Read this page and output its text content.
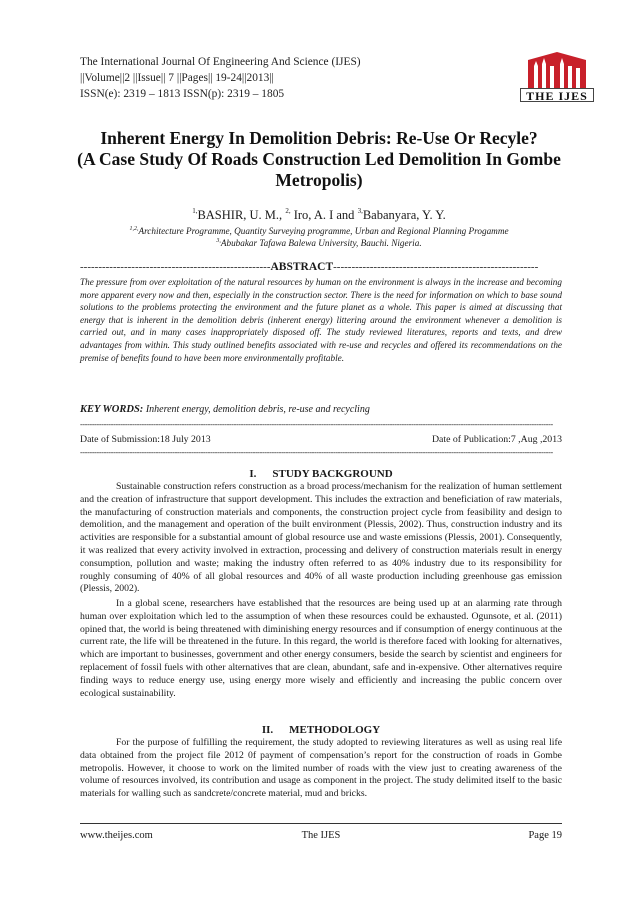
The International Journal Of Engineering And Science (IJES)
||Volume||2 ||Issue|| 7 ||Pages|| 19-24||2013||
ISSN(e): 2319 – 1813 ISSN(p): 2319 – 1805	THE IJES
Inherent Energy In Demolition Debris: Re-Use Or Recyle?
(A Case Study Of Roads Construction Led Demolition In Gombe
Metropolis)
$^{1,}$BASHIR, U. M., $^{2,}$ Iro, A. I and $^{3,}$Babanyara, Y. Y.
$^{1,2,}$Architecture Programme, Quantity Surveying programme, Urban and Regional Planning Progamme
$^{3,}$Abubakar Tafawa Balewa University, Bauchi. Nigeria.
----------------------------------------------------ABSTRACT--------------------------------------------------------
The pressure from over exploitation of the natural resources by human on the environment is always in the increase and becoming more apparent every now and then, especially in the construction sector. There is the need for information on which to base sound solutions to the problems protecting the environment and the future planet as a whole. This paper is aimed at discussing that energy that is inherent in the demolition debris (inherent energy) littering around the environment whenever a demolition is carried out, and in many cases inappropriately disposed off. The study reviewed literatures, reports and texts, and drew advantages from within. This study outlined benefits associated with re-use and recycles and offered its recommendations on the premise of benefits found to have been more environmentally profitable.
KEY WORDS: Inherent energy, demolition debris, re-use and recycling
--------------------------------------------------------------------------------------------------------------------------------------------------------------------------------------------------------
Date of Submission:18 July 2013	Date of Publication:7 ,Aug ,2013
--------------------------------------------------------------------------------------------------------------------------------------------------------------------------------------------------------
I. STUDY BACKGROUND

Sustainable construction refers construction as a broad process/mechanism for the realization of human settlement and the creation of infrastructure that support development. This includes the extraction and beneficiation of raw materials, the manufacturing of construction materials and components, the construction project cycle from feasibility and design to demolition, and the management and operation of the built environment (Plessis, 2002). Thus, construction industry and its activities are responsible for a substantial amount of global resource use and waste emissions (Plessis, 2001). Consequently, it was realized that every activity involved in extraction, processing and delivery of construction materials result in energy consumption, pollution and waste; making the industry often referred to as 40% industry due to its responsibility for roughly consuming of 40% of all global resources and 40% of all waste production including greenhouse gas emission (Plessis, 2002).

In a global scene, researchers have established that the resources are being used up at an alarming rate through human over exploitation which led to the assumption of when these resources could be exhausted. Ogunsote, et al. (2011) opined that, the world is being threatened with diminishing energy resources and if consumption of energy continuous at the current rate, the life will be threatened in the future. In this regard, the world is therefore faced with looking for alternatives, which are important to businesses, government and other energy consumers, beside the search by scientist and engineers for replacement of fossil fuels with other alternatives that are clean, abundant, safe and in-expensive. Other alternatives require finding ways to reduce energy use, using energy more wisely and efficiently and increasing the public concern over ecological sustainability.

II. METHODOLOGY

For the purpose of fulfilling the requirement, the study adopted to reviewing literatures as well as using real life data obtained from the project file 2012 0f payment of compensation’s report for the construction of roads in Gombe metropolis. However, it choose to work on the limited number of roads with the view just to creating awareness of the volume of resources involved, its contribution and usage as component in the project. The study delimited itself to the basic materials for walling such as sandcrete/concrete material, mud and bricks.

www.theijes.com	The IJES	Page 19
